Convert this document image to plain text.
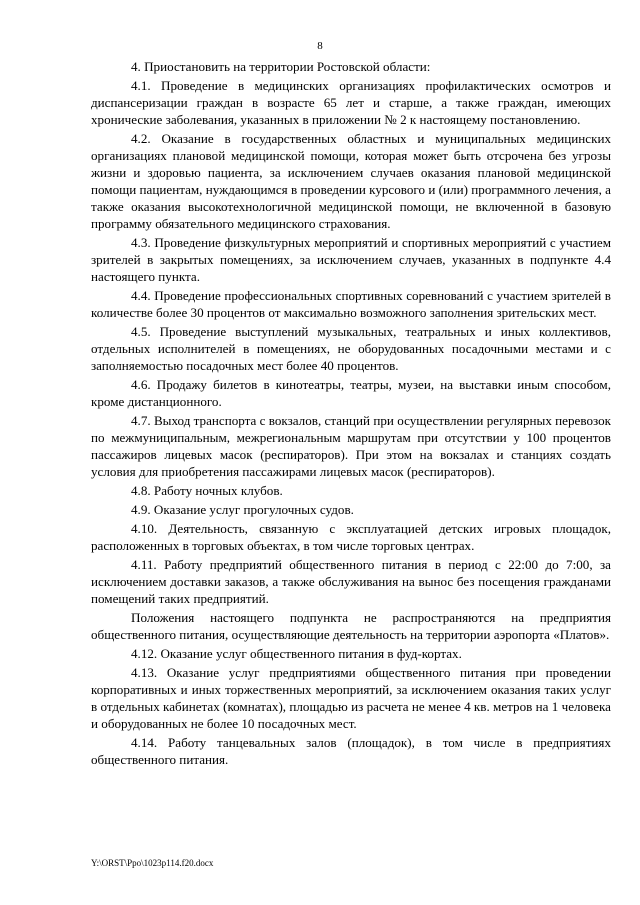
8

4. Приостановить на территории Ростовской области:

4.1. Проведение в медицинских организациях профилактических осмотров и диспансеризации граждан в возрасте 65 лет и старше, а также граждан, имеющих хронические заболевания, указанных в приложении № 2 к настоящему постановлению.

4.2. Оказание в государственных областных и муниципальных медицинских организациях плановой медицинской помощи, которая может быть отсрочена без угрозы жизни и здоровью пациента, за исключением случаев оказания плановой медицинской помощи пациентам, нуждающимся в проведении курсового и (или) программного лечения, а также оказания высокотехнологичной медицинской помощи, не включенной в базовую программу обязательного медицинского страхования.

4.3. Проведение физкультурных мероприятий и спортивных мероприятий с участием зрителей в закрытых помещениях, за исключением случаев, указанных в подпункте 4.4 настоящего пункта.

4.4. Проведение профессиональных спортивных соревнований с участием зрителей в количестве более 30 процентов от максимально возможного заполнения зрительских мест.

4.5. Проведение выступлений музыкальных, театральных и иных коллективов, отдельных исполнителей в помещениях, не оборудованных посадочными местами и с заполняемостью посадочных мест более 40 процентов.

4.6. Продажу билетов в кинотеатры, театры, музеи, на выставки иным способом, кроме дистанционного.

4.7. Выход транспорта с вокзалов, станций при осуществлении регулярных перевозок по межмуниципальным, межрегиональным маршрутам при отсутствии у 100 процентов пассажиров лицевых масок (респираторов). При этом на вокзалах и станциях создать условия для приобретения пассажирами лицевых масок (респираторов).

4.8. Работу ночных клубов.

4.9. Оказание услуг прогулочных судов.

4.10. Деятельность, связанную с эксплуатацией детских игровых площадок, расположенных в торговых объектах, в том числе торговых центрах.

4.11. Работу предприятий общественного питания в период с 22:00 до 7:00, за исключением доставки заказов, а также обслуживания на вынос без посещения гражданами помещений таких предприятий.

Положения настоящего подпункта не распространяются на предприятия общественного питания, осуществляющие деятельность на территории аэропорта «Платов».

4.12. Оказание услуг общественного питания в фуд-кортах.

4.13. Оказание услуг предприятиями общественного питания при проведении корпоративных и иных торжественных мероприятий, за исключением оказания таких услуг в отдельных кабинетах (комнатах), площадью из расчета не менее 4 кв. метров на 1 человека и оборудованных не более 10 посадочных мест.

4.14. Работу танцевальных залов (площадок), в том числе в предприятиях общественного питания.

Y:\ORST\Ppo\1023p114.f20.docx
